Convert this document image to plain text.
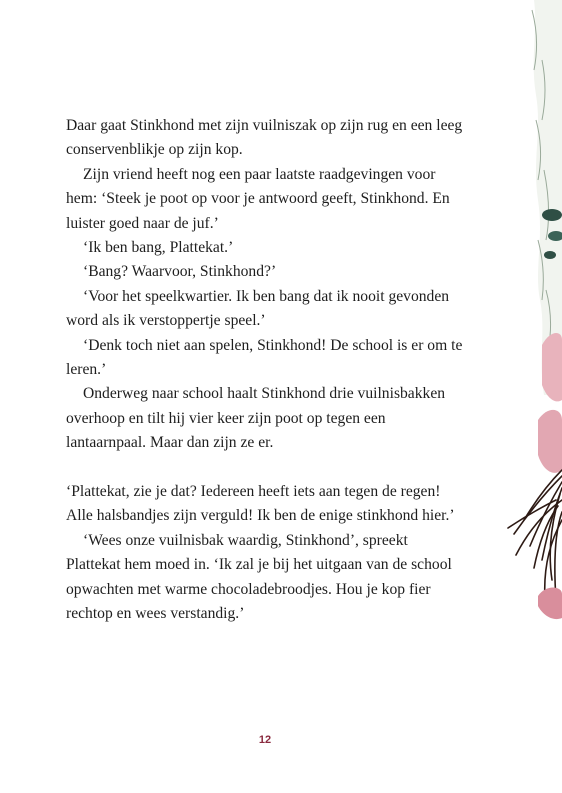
Daar gaat Stinkhond met zijn vuilniszak op zijn rug en een leeg conservenblikje op zijn kop.

Zijn vriend heeft nog een paar laatste raadgevingen voor hem: ‘Steek je poot op voor je antwoord geeft, Stinkhond. En luister goed naar de juf.’

‘Ik ben bang, Plattekat.’

‘Bang? Waarvoor, Stinkhond?’

‘Voor het speelkwartier. Ik ben bang dat ik nooit gevonden word als ik verstoppertje speel.’

‘Denk toch niet aan spelen, Stinkhond! De school is er om te leren.’

Onderweg naar school haalt Stinkhond drie vuilnisbakken overhoop en tilt hij vier keer zijn poot op tegen een lantaarnpaal. Maar dan zijn ze er.

‘Plattekat, zie je dat? Iedereen heeft iets aan tegen de regen! Alle halsbandjes zijn verguld! Ik ben de enige stinkhond hier.’

‘Wees onze vuilnisbak waardig, Stinkhond’, spreekt Plattekat hem moed in. ‘Ik zal je bij het uitgaan van de school opwachten met warme chocoladebroodjes. Hou je kop fier rechtop en wees verstandig.’

12
